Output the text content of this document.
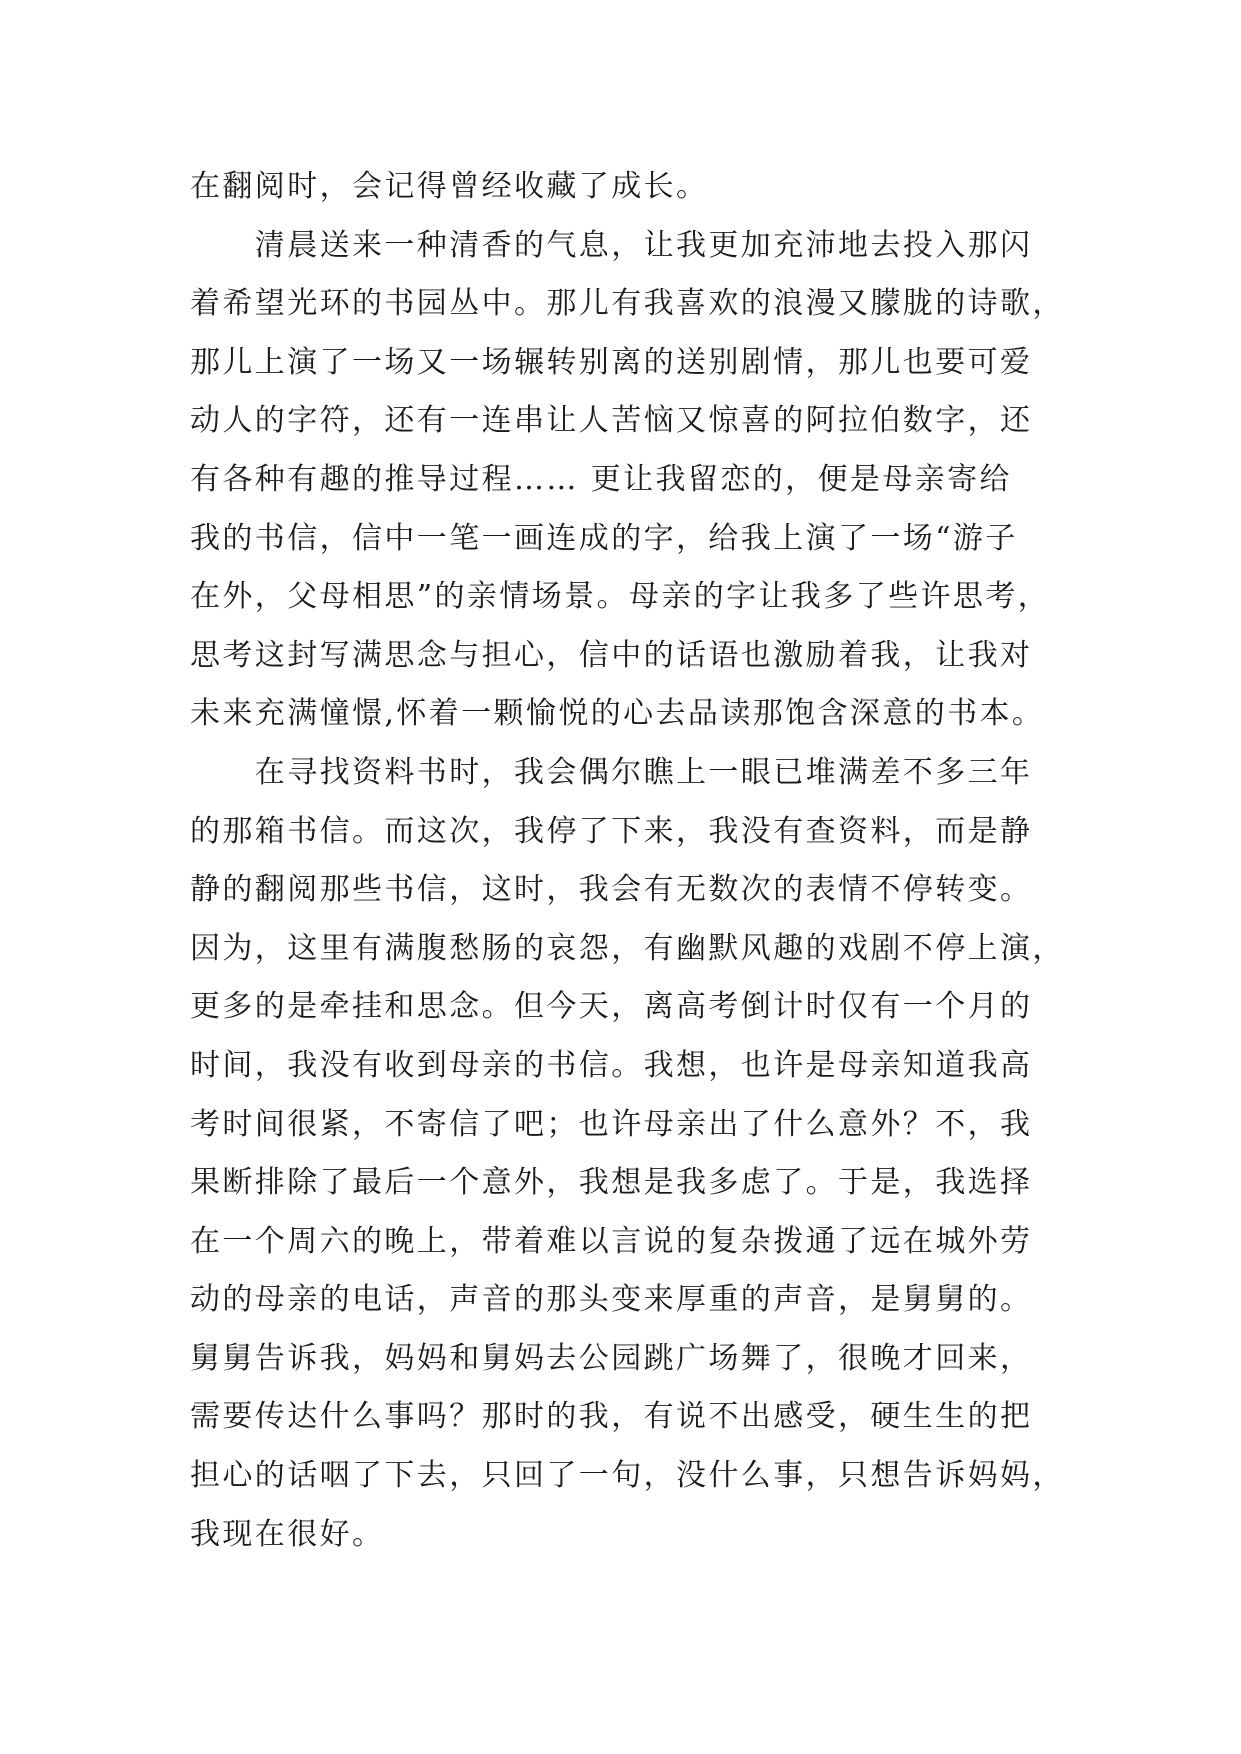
在翻阅时，会记得曾经收藏了成长。
　　清晨送来一种清香的气息，让我更加充沛地去投入那闪
着希望光环的书园丛中。那儿有我喜欢的浪漫又朦胧的诗歌，
那儿上演了一场又一场辗转别离的送别剧情，那儿也要可爱
动人的字符，还有一连串让人苦恼又惊喜的阿拉伯数字，还
有各种有趣的推导过程…… 更让我留恋的，便是母亲寄给
我的书信，信中一笔一画连成的字，给我上演了一场“游子
在外，父母相思”的亲情场景。母亲的字让我多了些许思考，
思考这封写满思念与担心，信中的话语也激励着我，让我对
未来充满憧憬,怀着一颗愉悦的心去品读那饱含深意的书本。
　　在寻找资料书时，我会偶尔瞧上一眼已堆满差不多三年
的那箱书信。而这次，我停了下来，我没有查资料，而是静
静的翻阅那些书信，这时，我会有无数次的表情不停转变。
因为，这里有满腹愁肠的哀怨，有幽默风趣的戏剧不停上演，
更多的是牵挂和思念。但今天，离高考倒计时仅有一个月的
时间，我没有收到母亲的书信。我想，也许是母亲知道我高
考时间很紧，不寄信了吧；也许母亲出了什么意外？不，我
果断排除了最后一个意外，我想是我多虑了。于是，我选择
在一个周六的晚上，带着难以言说的复杂拨通了远在城外劳
动的母亲的电话，声音的那头变来厚重的声音，是舅舅的。
舅舅告诉我，妈妈和舅妈去公园跳广场舞了，很晚才回来，
需要传达什么事吗？那时的我，有说不出感受，硬生生的把
担心的话咽了下去，只回了一句，没什么事，只想告诉妈妈，
我现在很好。
